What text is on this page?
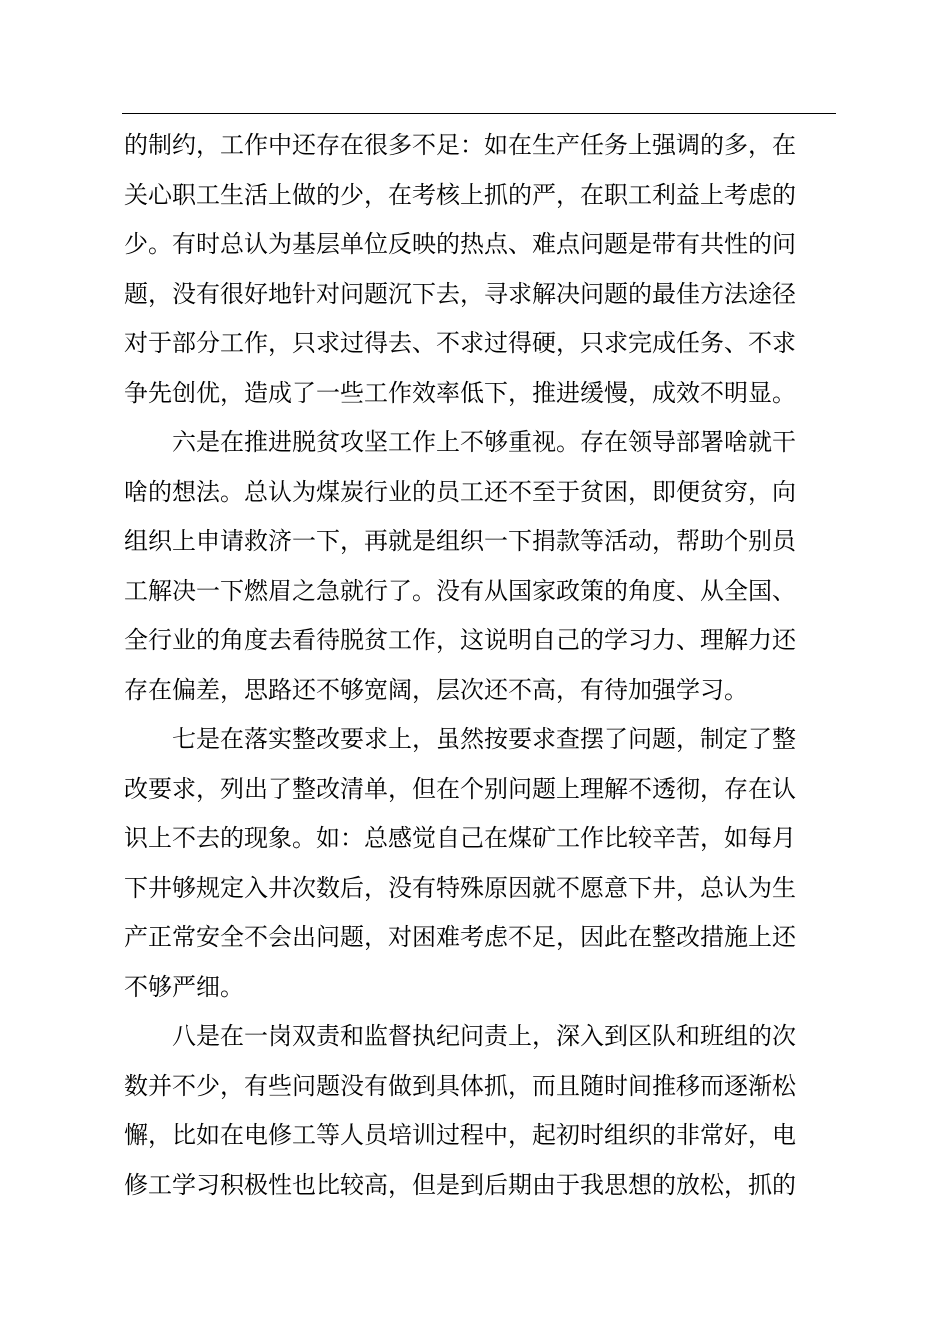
的制约，工作中还存在很多不足：如在生产任务上强调的多，在
关心职工生活上做的少，在考核上抓的严，在职工利益上考虑的
少。有时总认为基层单位反映的热点、难点问题是带有共性的问
题，没有很好地针对问题沉下去，寻求解决问题的最佳方法途径
对于部分工作，只求过得去、不求过得硬，只求完成任务、不求
争先创优，造成了一些工作效率低下，推进缓慢，成效不明显。
六是在推进脱贫攻坚工作上不够重视。存在领导部署啥就干
啥的想法。总认为煤炭行业的员工还不至于贫困，即便贫穷，向
组织上申请救济一下，再就是组织一下捐款等活动，帮助个别员
工解决一下燃眉之急就行了。没有从国家政策的角度、从全国、
全行业的角度去看待脱贫工作，这说明自己的学习力、理解力还
存在偏差，思路还不够宽阔，层次还不高，有待加强学习。
七是在落实整改要求上，虽然按要求查摆了问题，制定了整
改要求，列出了整改清单，但在个别问题上理解不透彻，存在认
识上不去的现象。如：总感觉自己在煤矿工作比较辛苦，如每月
下井够规定入井次数后，没有特殊原因就不愿意下井，总认为生
产正常安全不会出问题，对困难考虑不足，因此在整改措施上还
不够严细。
八是在一岗双责和监督执纪问责上，深入到区队和班组的次
数并不少，有些问题没有做到具体抓，而且随时间推移而逐渐松
懈，比如在电修工等人员培训过程中，起初时组织的非常好，电
修工学习积极性也比较高，但是到后期由于我思想的放松，抓的
